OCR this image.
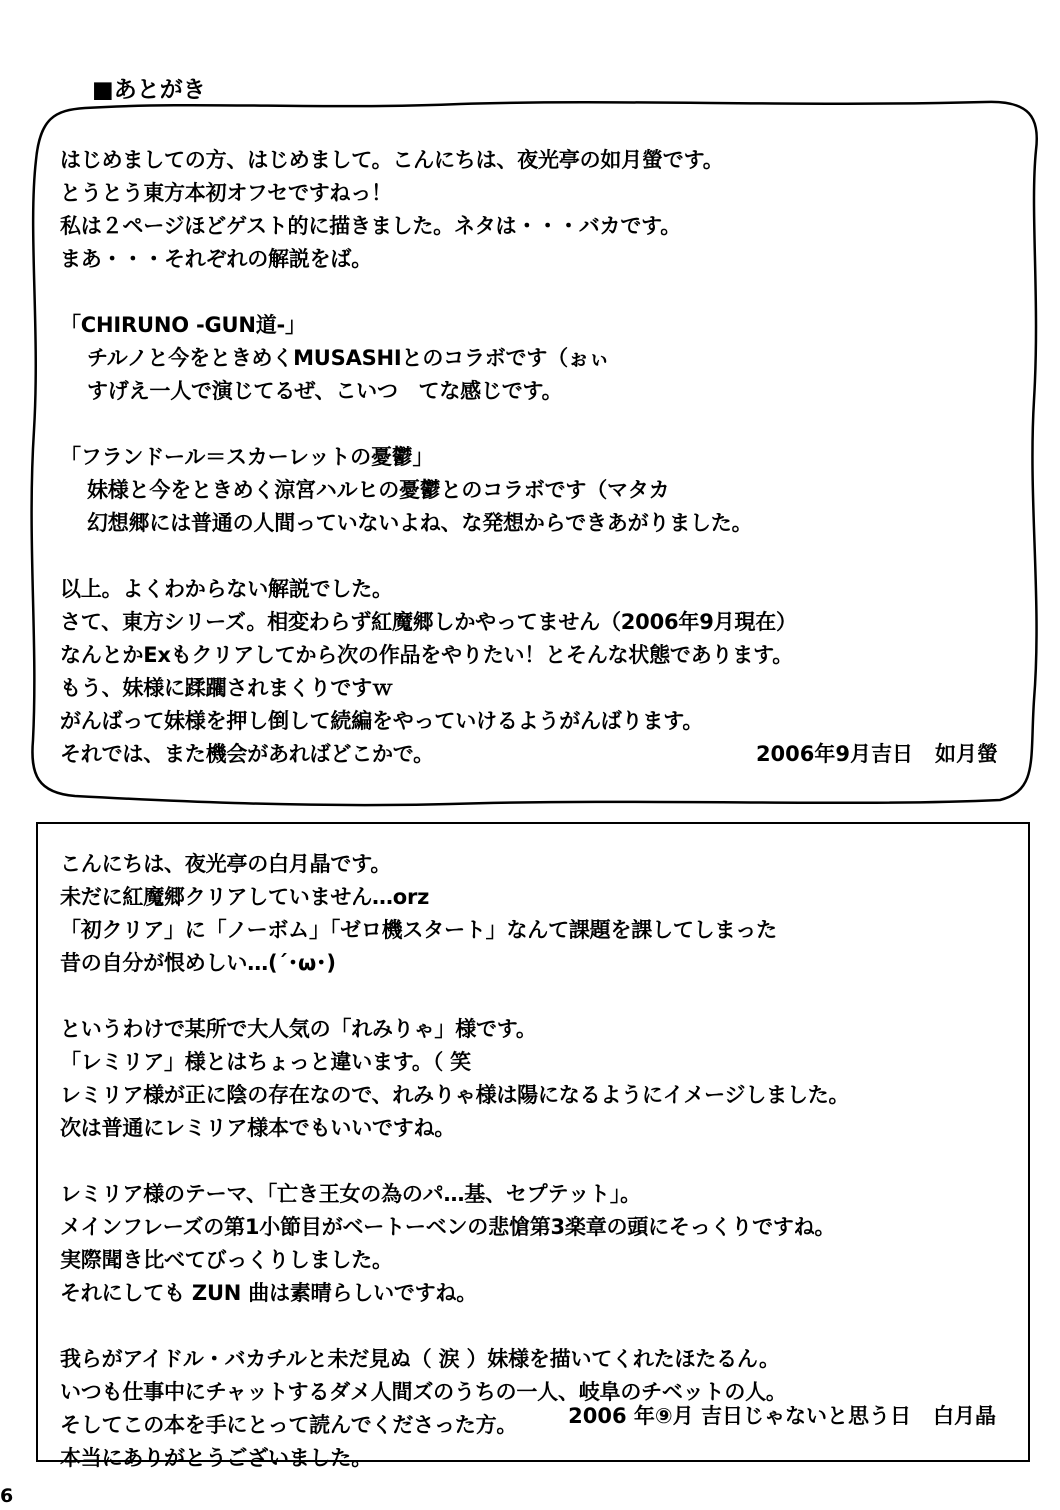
■あとがき
はじめましての方、はじめまして。こんにちは、夜光亭の如月螢です。
とうとう東方本初オフセですねっ！
私は２ページほどゲスト的に描きました。ネタは・・・バカです。
まあ・・・それぞれの解説をば。
「CHIRUNO -GUN道-」
チルノと今をときめくMUSASHIとのコラボです（ぉぃ
すげえ一人で演じてるぜ、こいつ　てな感じです。
「フランドール＝スカーレットの憂鬱」
妹様と今をときめく涼宮ハルヒの憂鬱とのコラボです（マタカ
幻想郷には普通の人間っていないよね、な発想からできあがりました。
以上。よくわからない解説でした。
さて、東方シリーズ。相変わらず紅魔郷しかやってません（2006年9月現在）
なんとかExもクリアしてから次の作品をやりたい！とそんな状態であります。
もう、妹様に蹂躙されまくりですｗ
がんばって妹様を押し倒して続編をやっていけるようがんばります。
それでは、また機会があればどこかで。	2006年9月吉日 如月螢
こんにちは、夜光亭の白月晶です。
未だに紅魔郷クリアしていません…orz
「初クリア」に「ノーボム」「ゼロ機スタート」なんて課題を課してしまった
昔の自分が恨めしい…(´･ω･)
というわけで某所で大人気の「れみりゃ」様です。
「レミリア」様とはちょっと違います。（ 笑
レミリア様が正に陰の存在なので、れみりゃ様は陽になるようにイメージしました。
次は普通にレミリア様本でもいいですね。
レミリア様のテーマ、「亡き王女の為のパ…基、セプテット」。
メインフレーズの第1小節目がベートーベンの悲愴第3楽章の頭にそっくりですね。
実際聞き比べてびっくりしました。
それにしても ZUN 曲は素晴らしいですね。
我らがアイドル・バカチルと未だ見ぬ（ 涙 ）妹様を描いてくれたほたるん。
いつも仕事中にチャットするダメ人間ズのうちの一人、岐阜のチベットの人。
そしてこの本を手にとって読んでくださった方。
本当にありがとうございました。
2006 年⑨月 吉日じゃないと思う日 白月晶
6
